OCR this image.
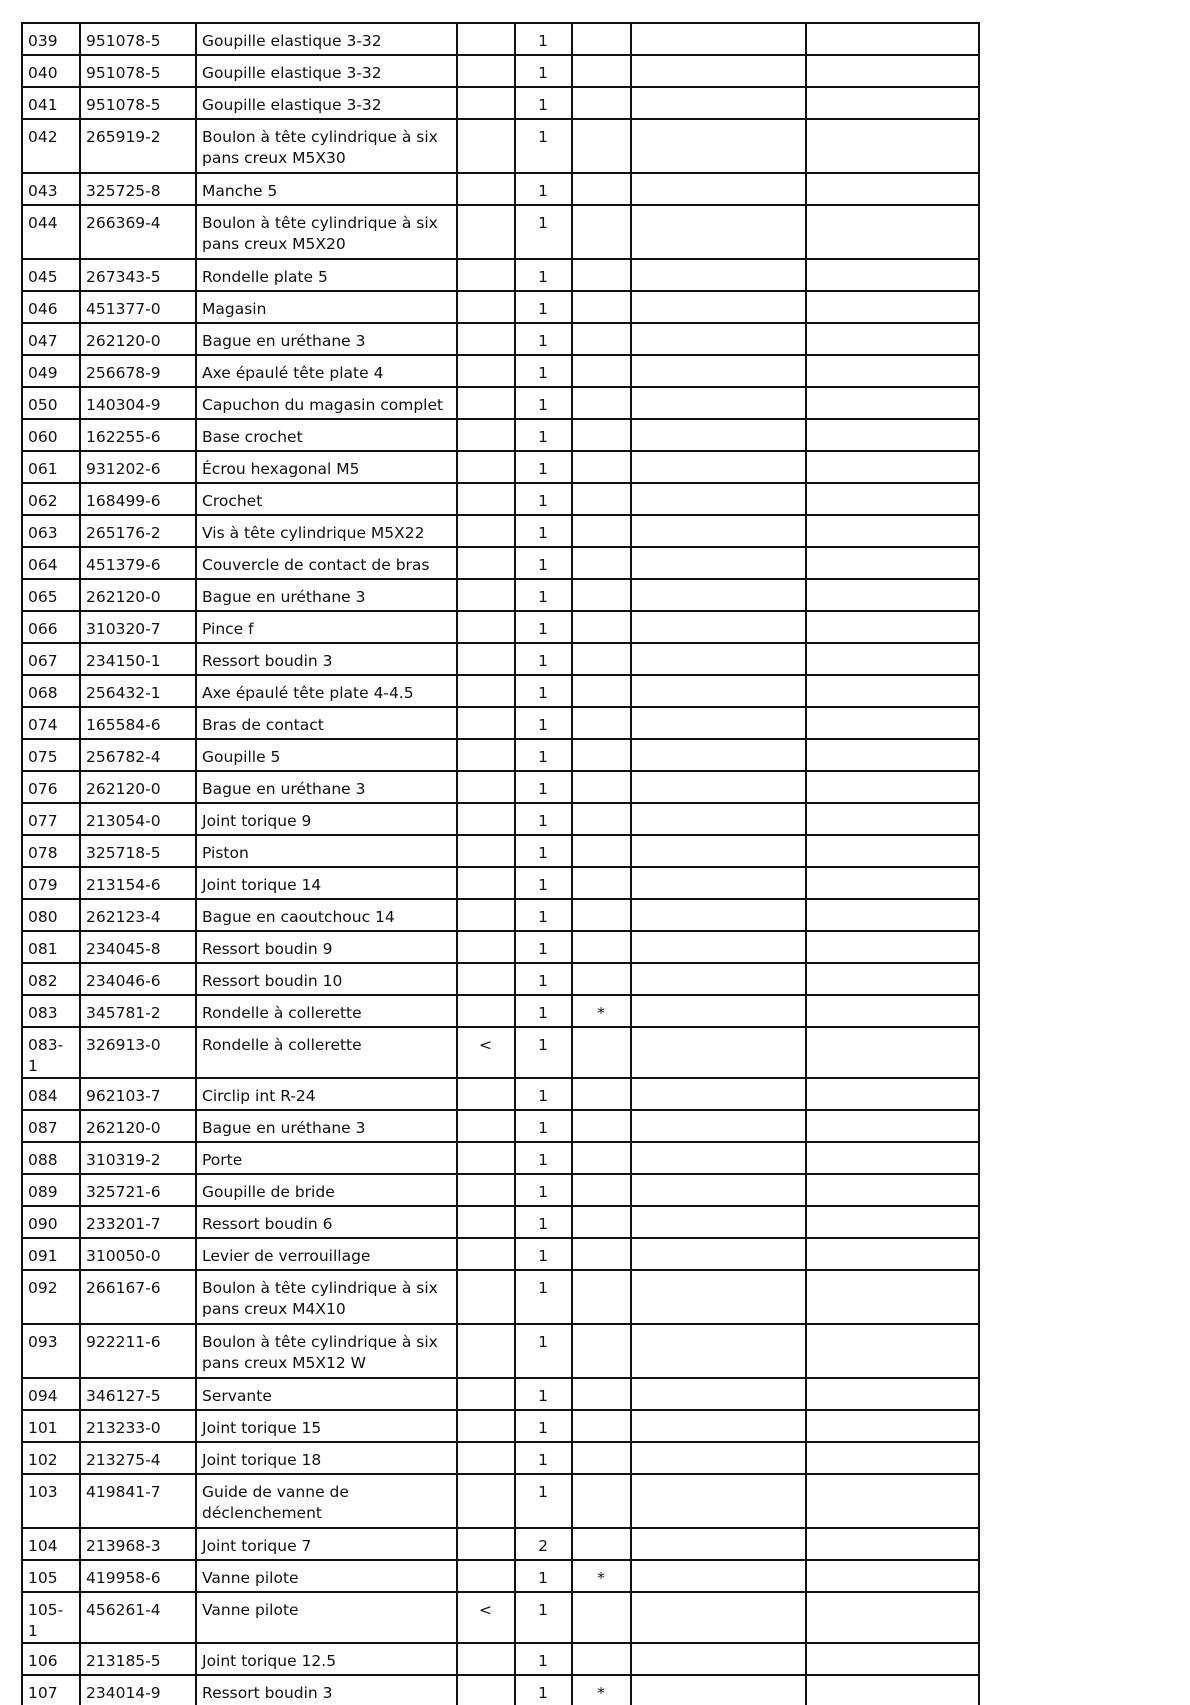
039	951078-5	Goupille elastique 3-32		1			
040	951078-5	Goupille elastique 3-32		1			
041	951078-5	Goupille elastique 3-32		1			
042	265919-2	Boulon à tête cylindrique à six pans creux M5X30		1			
043	325725-8	Manche 5		1			
044	266369-4	Boulon à tête cylindrique à six pans creux M5X20		1			
045	267343-5	Rondelle plate 5		1			
046	451377-0	Magasin		1			
047	262120-0	Bague en uréthane 3		1			
049	256678-9	Axe épaulé tête plate 4		1			
050	140304-9	Capuchon du magasin complet		1			
060	162255-6	Base crochet		1			
061	931202-6	Écrou hexagonal M5		1			
062	168499-6	Crochet		1			
063	265176-2	Vis à tête cylindrique M5X22		1			
064	451379-6	Couvercle de contact de bras		1			
065	262120-0	Bague en uréthane 3		1			
066	310320-7	Pince f		1			
067	234150-1	Ressort boudin 3		1			
068	256432-1	Axe épaulé tête plate 4-4.5		1			
074	165584-6	Bras de contact		1			
075	256782-4	Goupille 5		1			
076	262120-0	Bague en uréthane 3		1			
077	213054-0	Joint torique 9		1			
078	325718-5	Piston		1			
079	213154-6	Joint torique 14		1			
080	262123-4	Bague en caoutchouc 14		1			
081	234045-8	Ressort boudin 9		1			
082	234046-6	Ressort boudin 10		1			
083	345781-2	Rondelle à collerette		1	*		
083-1	326913-0	Rondelle à collerette	<	1			
084	962103-7	Circlip int R-24		1			
087	262120-0	Bague en uréthane 3		1			
088	310319-2	Porte		1			
089	325721-6	Goupille de bride		1			
090	233201-7	Ressort boudin 6		1			
091	310050-0	Levier de verrouillage		1			
092	266167-6	Boulon à tête cylindrique à six pans creux M4X10		1			
093	922211-6	Boulon à tête cylindrique à six pans creux M5X12 W		1			
094	346127-5	Servante		1			
101	213233-0	Joint torique 15		1			
102	213275-4	Joint torique 18		1			
103	419841-7	Guide de vanne de déclenchement		1			
104	213968-3	Joint torique 7		2			
105	419958-6	Vanne pilote		1	*		
105-1	456261-4	Vanne pilote	<	1			
106	213185-5	Joint torique 12.5		1			
107	234014-9	Ressort boudin 3		1	*		
